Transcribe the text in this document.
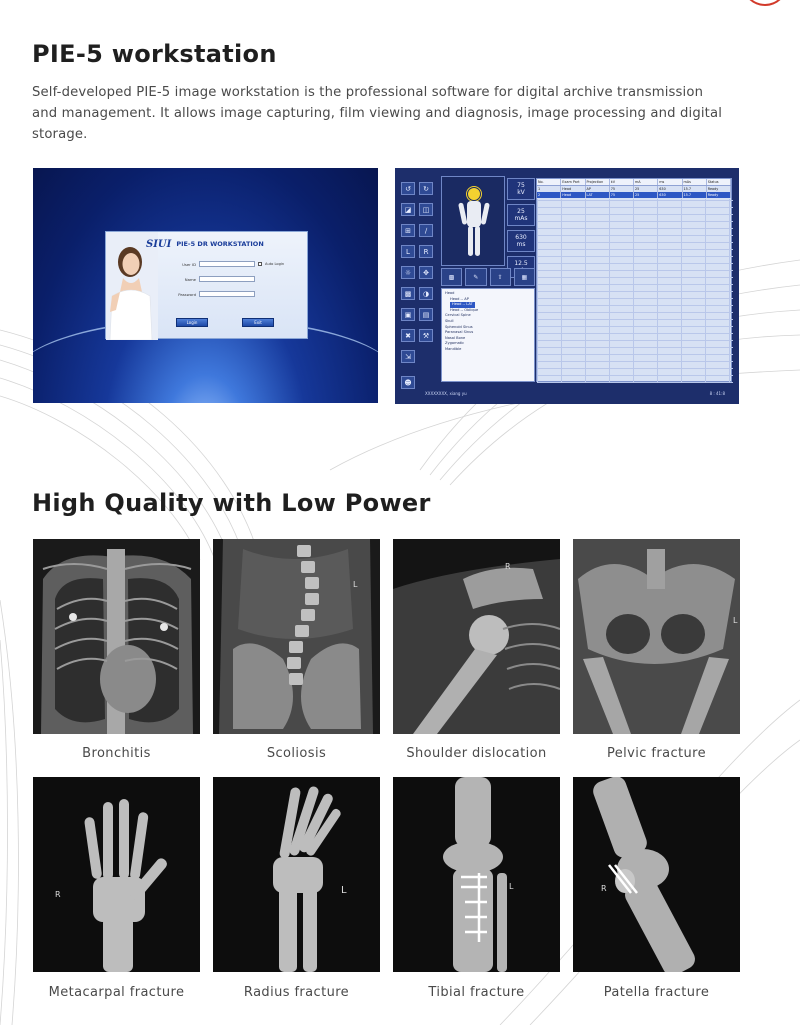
PIE-5 workstation

Self-developed PIE-5 image workstation is the professional software for digital archive transmission and management. It allows image capturing, film viewing and diagnosis, image processing and digital storage.

SIUI PIE-5 DR WORKSTATION
User ID	Auto Login
Name
Password
Login	Exit
↺	↻
◪	◫
⊞	∕
L	R
☼	✥
▩	◑
▣	▤
✖	⚒
⇲
☻
75
kV
25
mAs
630
ms
12.5
No.	Exam Part	Projection	kV	mA	ms	mAs	Status
1	Head	AP	75	25	630	15.7	Ready
2	Head	LAT	75	25	630	15.7	Ready
▩	✎	⇧	▦
Head
Head -- AP
Head -- LAT
Head -- Oblique
Cervical Spine
Skull
Sphenoid Sinus
Paranasal Sinus
Nasal Bone
Zygomatic
Mandible
XXXXXXXX, xiang yu	8 : 41:8
High Quality with Low Power
Bronchitis
L
Scoliosis
R
Shoulder dislocation
L
Pelvic fracture
R
Metacarpal fracture
L
Radius fracture
L
Tibial fracture
R
Patella fracture
